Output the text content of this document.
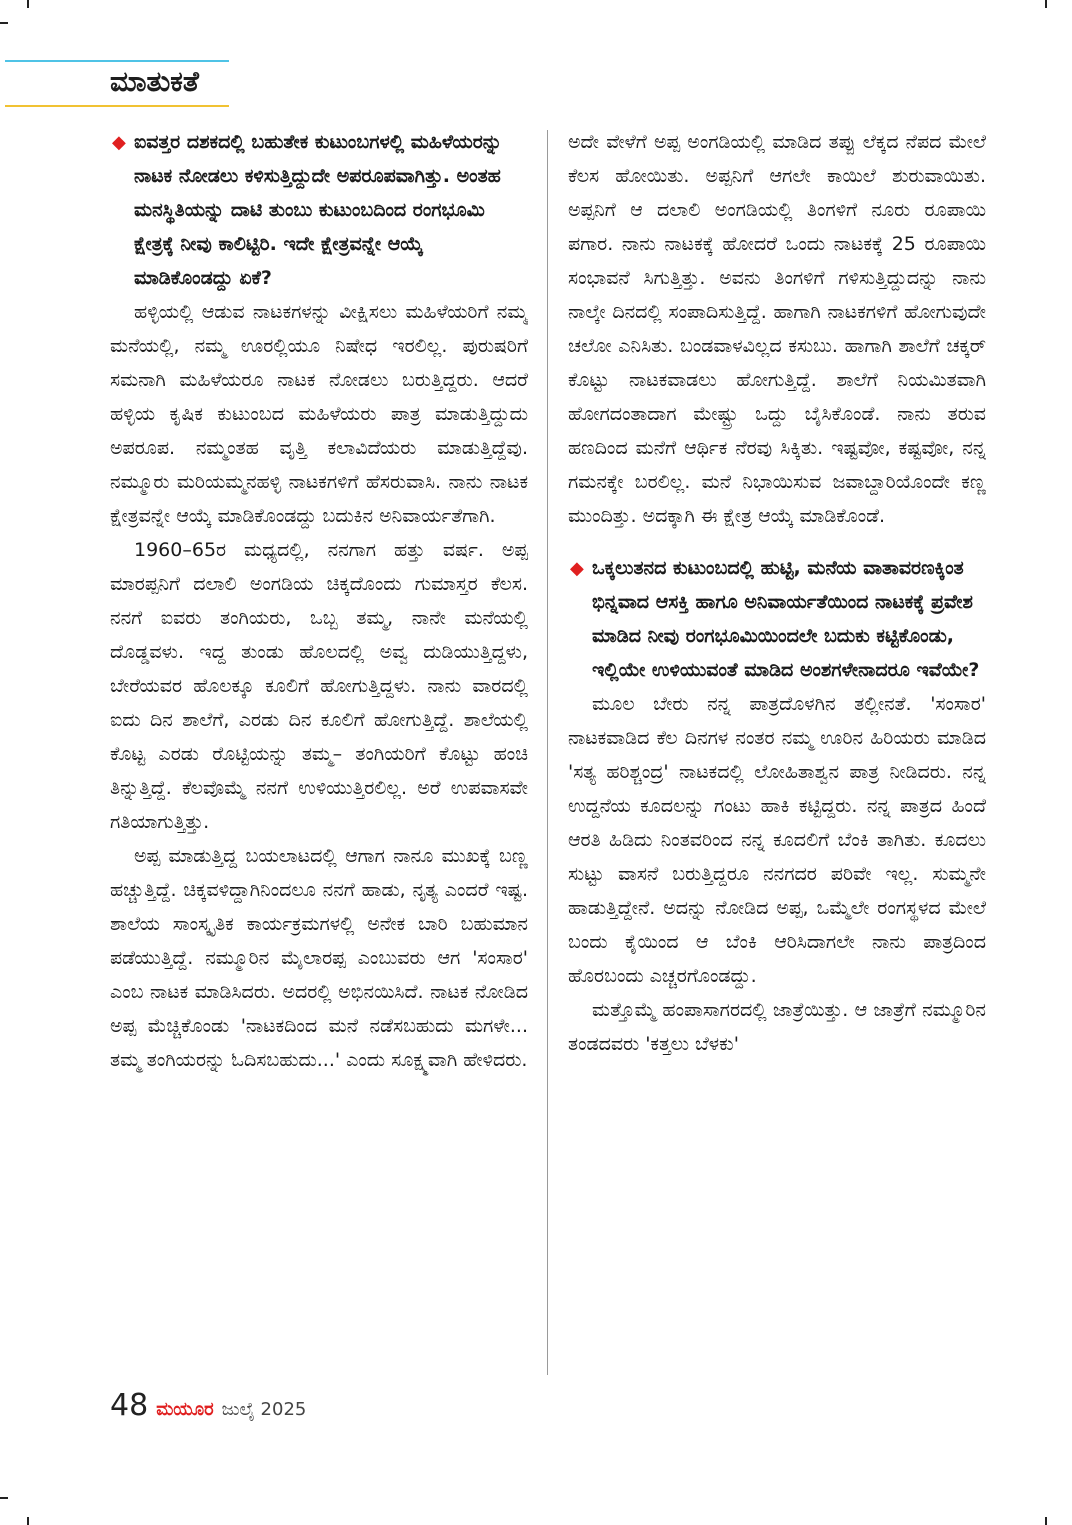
ಮಾತುಕತೆ
◆ ಐವತ್ತರ ದಶಕದಲ್ಲಿ ಬಹುತೇಕ ಕುಟುಂಬಗಳಲ್ಲಿ ಮಹಿಳೆಯರನ್ನು ನಾಟಕ ನೋಡಲು ಕಳಿಸುತ್ತಿದ್ದುದೇ ಅಪರೂಪವಾಗಿತ್ತು. ಅಂತಹ ಮನಸ್ಥಿತಿಯನ್ನು ದಾಟಿ ತುಂಬು ಕುಟುಂಬದಿಂದ ರಂಗಭೂಮಿ ಕ್ಷೇತ್ರಕ್ಕೆ ನೀವು ಕಾಲಿಟ್ಟಿರಿ. ಇದೇ ಕ್ಷೇತ್ರವನ್ನೇ ಆಯ್ಕೆ ಮಾಡಿಕೊಂಡದ್ದು ಏಕೆ?

ಹಳ್ಳಿಯಲ್ಲಿ ಆಡುವ ನಾಟಕಗಳನ್ನು ವೀಕ್ಷಿಸಲು ಮಹಿಳೆಯರಿಗೆ ನಮ್ಮ ಮನೆಯಲ್ಲಿ, ನಮ್ಮ ಊರಲ್ಲಿಯೂ ನಿಷೇಧ ಇರಲಿಲ್ಲ. ಪುರುಷರಿಗೆ ಸಮನಾಗಿ ಮಹಿಳೆಯರೂ ನಾಟಕ ನೋಡಲು ಬರುತ್ತಿದ್ದರು. ಆದರೆ ಹಳ್ಳಿಯ ಕೃಷಿಕ ಕುಟುಂಬದ ಮಹಿಳೆಯರು ಪಾತ್ರ ಮಾಡುತ್ತಿದ್ದುದು ಅಪರೂಪ. ನಮ್ಮಂತಹ ವೃತ್ತಿ ಕಲಾವಿದೆಯರು ಮಾಡುತ್ತಿದ್ದೆವು. ನಮ್ಮೂರು ಮರಿಯಮ್ಮನಹಳ್ಳಿ ನಾಟಕಗಳಿಗೆ ಹೆಸರುವಾಸಿ. ನಾನು ನಾಟಕ ಕ್ಷೇತ್ರವನ್ನೇ ಆಯ್ಕೆ ಮಾಡಿಕೊಂಡದ್ದು ಬದುಕಿನ ಅನಿವಾರ್ಯತೆಗಾಗಿ.

1960–65ರ ಮಧ್ಯದಲ್ಲಿ, ನನಗಾಗ ಹತ್ತು ವರ್ಷ. ಅಪ್ಪ ಮಾರಪ್ಪನಿಗೆ ದಲಾಲಿ ಅಂಗಡಿಯ ಚಿಕ್ಕದೊಂದು ಗುಮಾಸ್ತರ ಕೆಲಸ. ನನಗೆ ಐವರು ತಂಗಿಯರು, ಒಬ್ಬ ತಮ್ಮ, ನಾನೇ ಮನೆಯಲ್ಲಿ ದೊಡ್ಡವಳು. ಇದ್ದ ತುಂಡು ಹೊಲದಲ್ಲಿ ಅವ್ವ ದುಡಿಯುತ್ತಿದ್ದಳು, ಬೇರೆಯವರ ಹೊಲಕ್ಕೂ ಕೂಲಿಗೆ ಹೋಗುತ್ತಿದ್ದಳು. ನಾನು ವಾರದಲ್ಲಿ ಐದು ದಿನ ಶಾಲೆಗೆ, ಎರಡು ದಿನ ಕೂಲಿಗೆ ಹೋಗುತ್ತಿದ್ದೆ. ಶಾಲೆಯಲ್ಲಿ ಕೊಟ್ಟ ಎರಡು ರೊಟ್ಟಿಯನ್ನು ತಮ್ಮ– ತಂಗಿಯರಿಗೆ ಕೊಟ್ಟು ಹಂಚಿ ತಿನ್ನುತ್ತಿದ್ದೆ. ಕೆಲವೊಮ್ಮೆ ನನಗೆ ಉಳಿಯುತ್ತಿರಲಿಲ್ಲ. ಅರೆ ಉಪವಾಸವೇ ಗತಿಯಾಗುತ್ತಿತ್ತು.

ಅಪ್ಪ ಮಾಡುತ್ತಿದ್ದ ಬಯಲಾಟದಲ್ಲಿ ಆಗಾಗ ನಾನೂ ಮುಖಕ್ಕೆ ಬಣ್ಣ ಹಚ್ಚುತ್ತಿದ್ದೆ. ಚಿಕ್ಕವಳಿದ್ದಾಗಿನಿಂದಲೂ ನನಗೆ ಹಾಡು, ನೃತ್ಯ ಎಂದರೆ ಇಷ್ಟ. ಶಾಲೆಯ ಸಾಂಸ್ಕೃತಿಕ ಕಾರ್ಯಕ್ರಮಗಳಲ್ಲಿ ಅನೇಕ ಬಾರಿ ಬಹುಮಾನ ಪಡೆಯುತ್ತಿದ್ದೆ. ನಮ್ಮೂರಿನ ಮೈಲಾರಪ್ಪ ಎಂಬುವರು ಆಗ 'ಸಂಸಾರ' ಎಂಬ ನಾಟಕ ಮಾಡಿಸಿದರು. ಅದರಲ್ಲಿ ಅಭಿನಯಿಸಿದೆ. ನಾಟಕ ನೋಡಿದ ಅಪ್ಪ ಮೆಚ್ಚಿಕೊಂಡು 'ನಾಟಕದಿಂದ ಮನೆ ನಡೆಸಬಹುದು ಮಗಳೇ... ತಮ್ಮ ತಂಗಿಯರನ್ನು ಓದಿಸಬಹುದು...' ಎಂದು ಸೂಕ್ಷ್ಮವಾಗಿ ಹೇಳಿದರು.

ಅದೇ ವೇಳೆಗೆ ಅಪ್ಪ ಅಂಗಡಿಯಲ್ಲಿ ಮಾಡಿದ ತಪ್ಪು ಲೆಕ್ಕದ ನೆಪದ ಮೇಲೆ ಕೆಲಸ ಹೋಯಿತು. ಅಪ್ಪನಿಗೆ ಆಗಲೇ ಕಾಯಿಲೆ ಶುರುವಾಯಿತು. ಅಪ್ಪನಿಗೆ ಆ ದಲಾಲಿ ಅಂಗಡಿಯಲ್ಲಿ ತಿಂಗಳಿಗೆ ನೂರು ರೂಪಾಯಿ ಪಗಾರ. ನಾನು ನಾಟಕಕ್ಕೆ ಹೋದರೆ ಒಂದು ನಾಟಕಕ್ಕೆ 25 ರೂಪಾಯಿ ಸಂಭಾವನೆ ಸಿಗುತ್ತಿತ್ತು. ಅವನು ತಿಂಗಳಿಗೆ ಗಳಿಸುತ್ತಿದ್ದುದನ್ನು ನಾನು ನಾಲ್ಕೇ ದಿನದಲ್ಲಿ ಸಂಪಾದಿಸುತ್ತಿದ್ದೆ. ಹಾಗಾಗಿ ನಾಟಕಗಳಿಗೆ ಹೋಗುವುದೇ ಚಲೋ ಎನಿಸಿತು. ಬಂಡವಾಳವಿಲ್ಲದ ಕಸುಬು. ಹಾಗಾಗಿ ಶಾಲೆಗೆ ಚಕ್ಕರ್ ಕೊಟ್ಟು ನಾಟಕವಾಡಲು ಹೋಗುತ್ತಿದ್ದೆ. ಶಾಲೆಗೆ ನಿಯಮಿತವಾಗಿ ಹೋಗದಂತಾದಾಗ ಮೇಷ್ಟ್ರು ಒದ್ದು ಬೈಸಿಕೊಂಡೆ. ನಾನು ತರುವ ಹಣದಿಂದ ಮನೆಗೆ ಆರ್ಥಿಕ ನೆರವು ಸಿಕ್ಕಿತು. ಇಷ್ಟವೋ, ಕಷ್ಟವೋ, ನನ್ನ ಗಮನಕ್ಕೇ ಬರಲಿಲ್ಲ. ಮನೆ ನಿಭಾಯಿಸುವ ಜವಾಬ್ದಾರಿಯೊಂದೇ ಕಣ್ಣ ಮುಂದಿತ್ತು. ಅದಕ್ಕಾಗಿ ಈ ಕ್ಷೇತ್ರ ಆಯ್ಕೆ ಮಾಡಿಕೊಂಡೆ.

◆ ಒಕ್ಕಲುತನದ ಕುಟುಂಬದಲ್ಲಿ ಹುಟ್ಟಿ, ಮನೆಯ ವಾತಾವರಣಕ್ಕಿಂತ ಭಿನ್ನವಾದ ಆಸಕ್ತಿ ಹಾಗೂ ಅನಿವಾರ್ಯತೆಯಿಂದ ನಾಟಕಕ್ಕೆ ಪ್ರವೇಶ ಮಾಡಿದ ನೀವು ರಂಗಭೂಮಿಯಿಂದಲೇ ಬದುಕು ಕಟ್ಟಿಕೊಂಡು, ಇಲ್ಲಿಯೇ ಉಳಿಯುವಂತೆ ಮಾಡಿದ ಅಂಶಗಳೇನಾದರೂ ಇವೆಯೇ?

ಮೂಲ ಬೇರು ನನ್ನ ಪಾತ್ರದೊಳಗಿನ ತಲ್ಲೀನತೆ. 'ಸಂಸಾರ' ನಾಟಕವಾಡಿದ ಕೆಲ ದಿನಗಳ ನಂತರ ನಮ್ಮ ಊರಿನ ಹಿರಿಯರು ಮಾಡಿದ 'ಸತ್ಯ ಹರಿಶ್ಚಂದ್ರ' ನಾಟಕದಲ್ಲಿ ಲೋಹಿತಾಶ್ವನ ಪಾತ್ರ ನೀಡಿದರು. ನನ್ನ ಉದ್ದನೆಯ ಕೂದಲನ್ನು ಗಂಟು ಹಾಕಿ ಕಟ್ಟಿದ್ದರು. ನನ್ನ ಪಾತ್ರದ ಹಿಂದೆ ಆರತಿ ಹಿಡಿದು ನಿಂತವರಿಂದ ನನ್ನ ಕೂದಲಿಗೆ ಬೆಂಕಿ ತಾಗಿತು. ಕೂದಲು ಸುಟ್ಟು ವಾಸನೆ ಬರುತ್ತಿದ್ದರೂ ನನಗದರ ಪರಿವೇ ಇಲ್ಲ. ಸುಮ್ಮನೇ ಹಾಡುತ್ತಿದ್ದೇನೆ. ಅದನ್ನು ನೋಡಿದ ಅಪ್ಪ, ಒಮ್ಮೆಲೇ ರಂಗಸ್ಥಳದ ಮೇಲೆ ಬಂದು ಕೈಯಿಂದ ಆ ಬೆಂಕಿ ಆರಿಸಿದಾಗಲೇ ನಾನು ಪಾತ್ರದಿಂದ ಹೊರಬಂದು ಎಚ್ಚರಗೊಂಡದ್ದು.

ಮತ್ತೊಮ್ಮೆ ಹಂಪಾಸಾಗರದಲ್ಲಿ ಜಾತ್ರೆಯಿತ್ತು. ಆ ಜಾತ್ರೆಗೆ ನಮ್ಮೂರಿನ ತಂಡದವರು 'ಕತ್ತಲು ಬೆಳಕು'

48 ಮಯೂರ ಜುಲೈ 2025
